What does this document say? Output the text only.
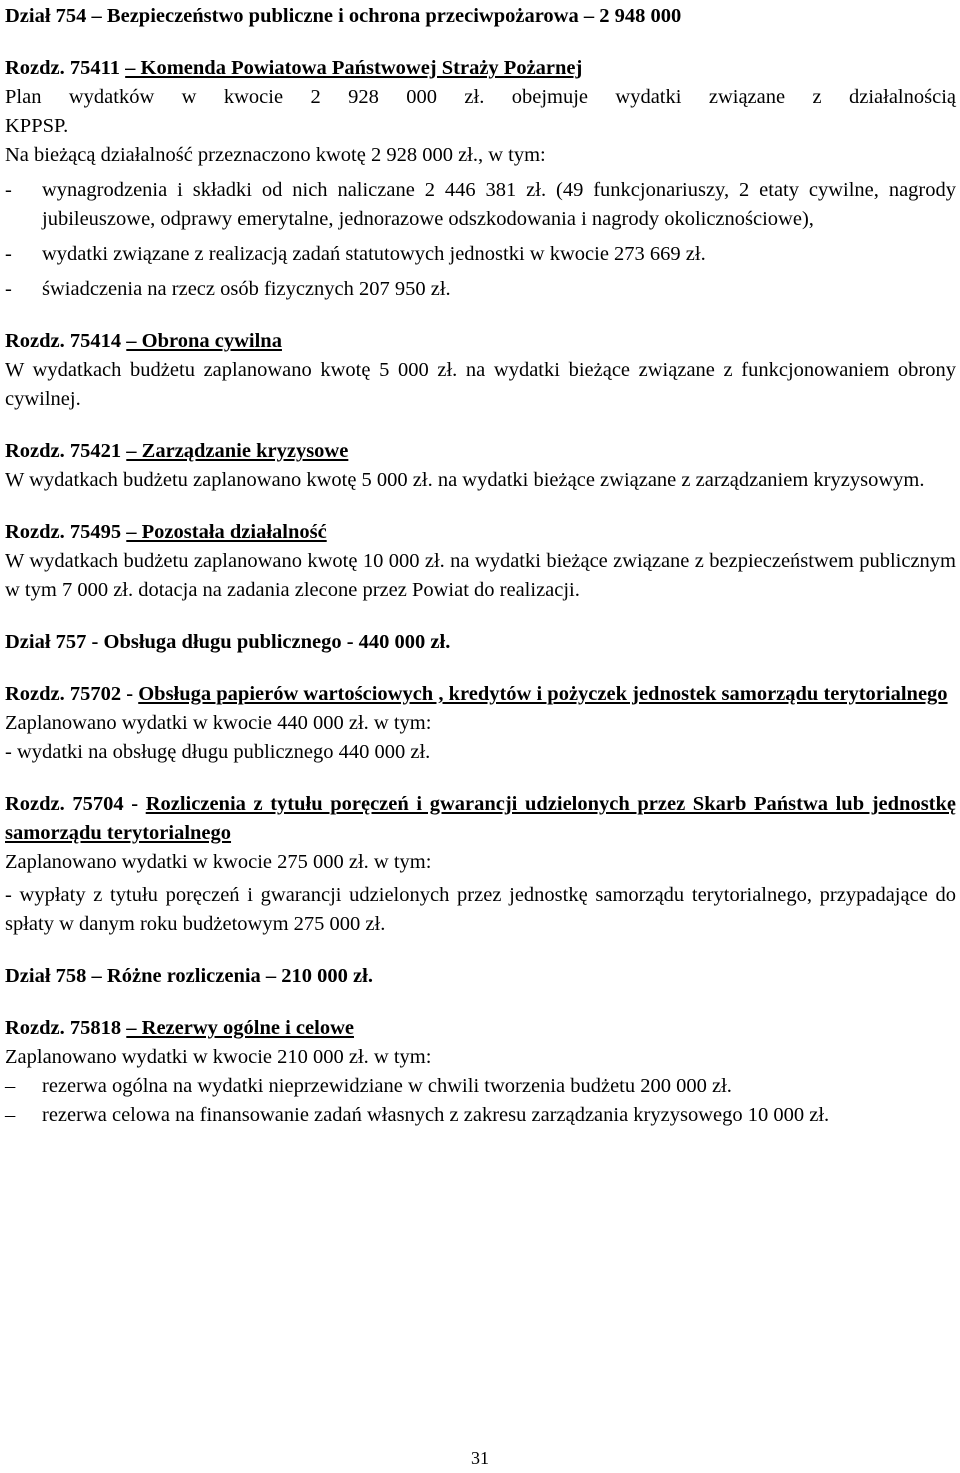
Dział 754 – Bezpieczeństwo publiczne i ochrona przeciwpożarowa – 2 948 000

Rozdz. 75411 – Komenda Powiatowa Państwowej Straży Pożarnej

Plan wydatków w kwocie 2 928 000 zł. obejmuje wydatki związane z działalnością

KPPSP.

Na bieżącą działalność przeznaczono kwotę 2 928 000 zł., w tym:

-	wynagrodzenia i składki od nich naliczane 2 446 381 zł. (49 funkcjonariuszy, 2 etaty cywilne, nagrody jubileuszowe, odprawy emerytalne, jednorazowe odszkodowania i nagrody okolicznościowe),
-	wydatki związane z realizacją zadań statutowych jednostki w kwocie 273 669 zł.
-	świadczenia na rzecz osób fizycznych 207 950 zł.

Rozdz. 75414 – Obrona cywilna

W wydatkach budżetu zaplanowano kwotę 5 000 zł. na wydatki bieżące związane z funkcjonowaniem obrony cywilnej.

Rozdz. 75421 – Zarządzanie kryzysowe

W wydatkach budżetu zaplanowano kwotę 5 000 zł. na wydatki bieżące związane z zarządzaniem kryzysowym.

Rozdz. 75495 – Pozostała działalność

W wydatkach budżetu zaplanowano kwotę 10 000 zł. na wydatki bieżące związane z bezpieczeństwem publicznym w tym 7 000 zł. dotacja na zadania zlecone przez Powiat do realizacji.

Dział 757 - Obsługa długu publicznego - 440 000 zł.

Rozdz. 75702 - Obsługa papierów wartościowych , kredytów i pożyczek jednostek samorządu terytorialnego

Zaplanowano wydatki w kwocie 440 000 zł. w tym:

- wydatki na obsługę długu publicznego 440 000 zł.

Rozdz. 75704 - Rozliczenia z tytułu poręczeń i gwarancji udzielonych przez Skarb Państwa lub jednostkę samorządu terytorialnego

Zaplanowano wydatki w kwocie 275 000 zł. w tym:

- wypłaty z tytułu poręczeń i gwarancji udzielonych przez jednostkę samorządu terytorialnego, przypadające do spłaty w danym roku budżetowym 275 000 zł.

Dział 758 – Różne rozliczenia – 210 000 zł.

Rozdz. 75818 – Rezerwy ogólne i celowe

Zaplanowano wydatki w kwocie 210 000 zł. w tym:

–	rezerwa ogólna na wydatki nieprzewidziane w chwili tworzenia budżetu 200 000 zł.
–	rezerwa celowa na finansowanie zadań własnych z zakresu zarządzania kryzysowego 10 000 zł.
31
